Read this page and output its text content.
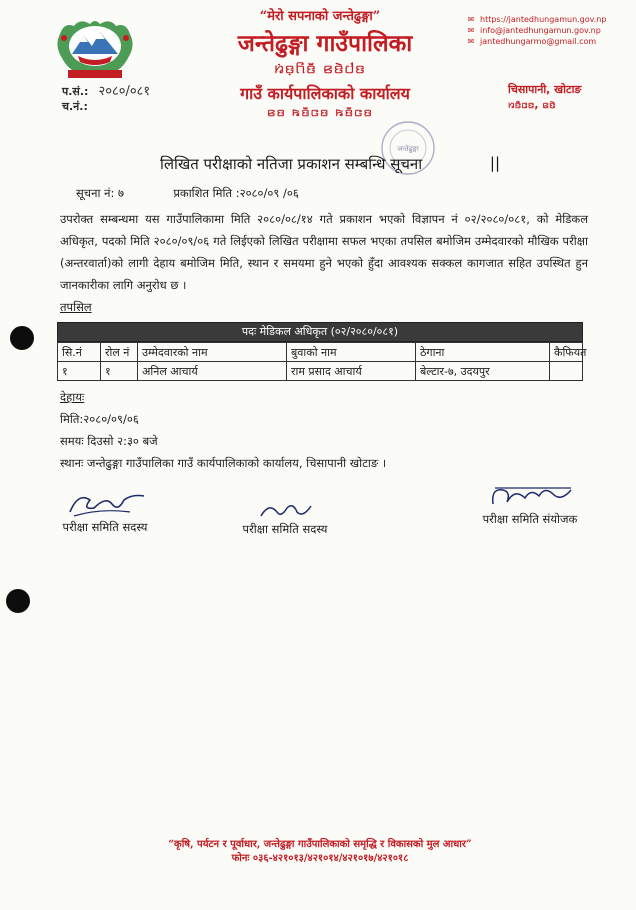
“मेरो सपनाको जन्तेढुङ्गा”
जन्तेढुङ्गा गाउँपालिका
ꤙꤦꤢ꤫ꤖꤢꤪ ꤕꤢꤧꤓꤢ
गाउँ कार्यपालिकाको कार्यालय
ꤕꤢ ꤒꤢꤪꤍꤢ ꤒꤢꤪꤍꤢ
✉ https://jantedhungamun.gov.np
✉ info@jantedhungamun.gov.np
✉ jantedhungarmo@gmail.com
चिसापानी, खोटाङ
ꤙꤢꤪꤍꤢ, ꤕꤢꤧ
प.सं.: २०८०/०८१
च.नं.:
जन्तेढुङ्गा
लिखित परीक्षाको नतिजा प्रकाशन सम्बन्धि सूचना	||
सूचना नं: ७	प्रकाशित मिति :२०८०/०९ /०६
उपरोक्त सम्बन्धमा यस गाउँपालिकामा मिति २०८०/०८/१४ गते प्रकाशन भएको विज्ञापन नं ०२/२०८०/०८१, को मेडिकल अधिकृत, पदको मिति २०८०/०९/०६ गते लिईएको लिखित परीक्षामा सफल भएका तपसिल बमोजिम उम्मेदवारको मौखिक परीक्षा (अन्तरवार्ता)को लागी देहाय बमोजिम मिति, स्थान र समयमा हुने भएको हुँदा आवश्यक सक्कल कागजात सहित उपस्थित हुन जानकारीका लागि अनुरोध छ ।
तपसिल
पदः मेडिकल अधिकृत (०२/२०८०/०८१)
सि.नं	रोल नं	उम्मेदवारको नाम	बुवाको नाम	ठेगाना	कैफियत
१	१	अनिल आचार्य	राम प्रसाद आचार्य	बेल्टार-७, उदयपुर	
देहायः
मिति:२०८०/०९/०६
समयः दिउसो २:३० बजे
स्थानः जन्तेढुङ्गा गाउँपालिका गाउँ कार्यपालिकाको कार्यालय, चिसापानी खोटाङ ।
परीक्षा समिति सदस्य	परीक्षा समिति सदस्य
परीक्षा समिति संयोजक
“कृषि, पर्यटन र पूर्वाधार, जन्तेढुङ्गा गाउँपालिकाको समृद्धि र विकासको मुल आधार”
फोनः ०३६-४२१०१३/४२१०१४/४२१०१७/४२१०१८
